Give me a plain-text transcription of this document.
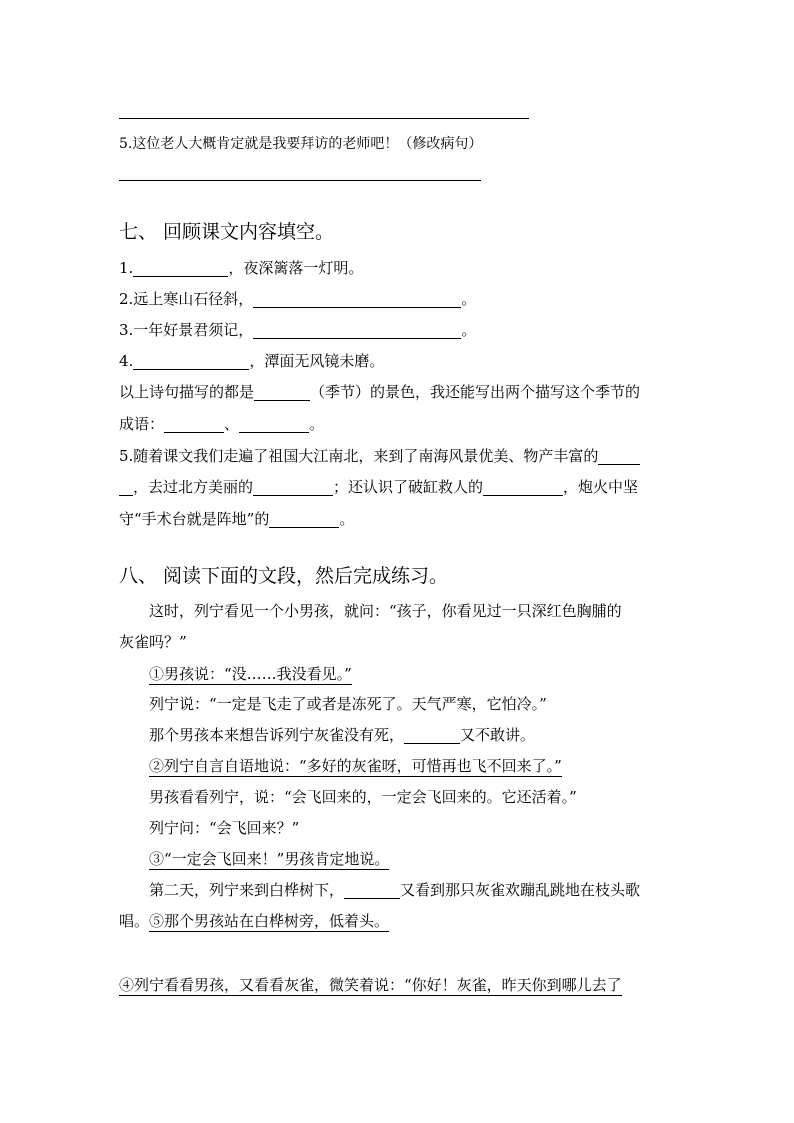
5.这位老人大概肯定就是我要拜访的老师吧！（修改病句）
七、 回顾课文内容填空。
1.	，夜深篱落一灯明。
2.远上寒山石径斜，	。
3.一年好景君须记，	。
4.	，潭面无风镜未磨。
以上诗句描写的都是	（季节）的景色，我还能写出两个描写这个季节的
成语：	、	。
5.随着课文我们走遍了祖国大江南北，来到了南海风景优美、物产丰富的
，去过北方美丽的	；还认识了破缸救人的	，炮火中坚
守“手术台就是阵地”的	。
八、 阅读下面的文段，然后完成练习。
这时，列宁看见一个小男孩，就问：“孩子，你看见过一只深红色胸脯的
灰雀吗？”
①男孩说：“没……我没看见。”
列宁说：“一定是飞走了或者是冻死了。天气严寒，它怕冷。”
那个男孩本来想告诉列宁灰雀没有死，	又不敢讲。
②列宁自言自语地说：“多好的灰雀呀，可惜再也飞不回来了。”
男孩看看列宁，说：“会飞回来的，一定会飞回来的。它还活着。”
列宁问：“会飞回来？”
③“一定会飞回来！”男孩肯定地说。
第二天，列宁来到白桦树下，	又看到那只灰雀欢蹦乱跳地在枝头歌
唱。⑤那个男孩站在白桦树旁，低着头。
④列宁看看男孩，又看看灰雀，微笑着说：“你好！灰雀，昨天你到哪儿去了
